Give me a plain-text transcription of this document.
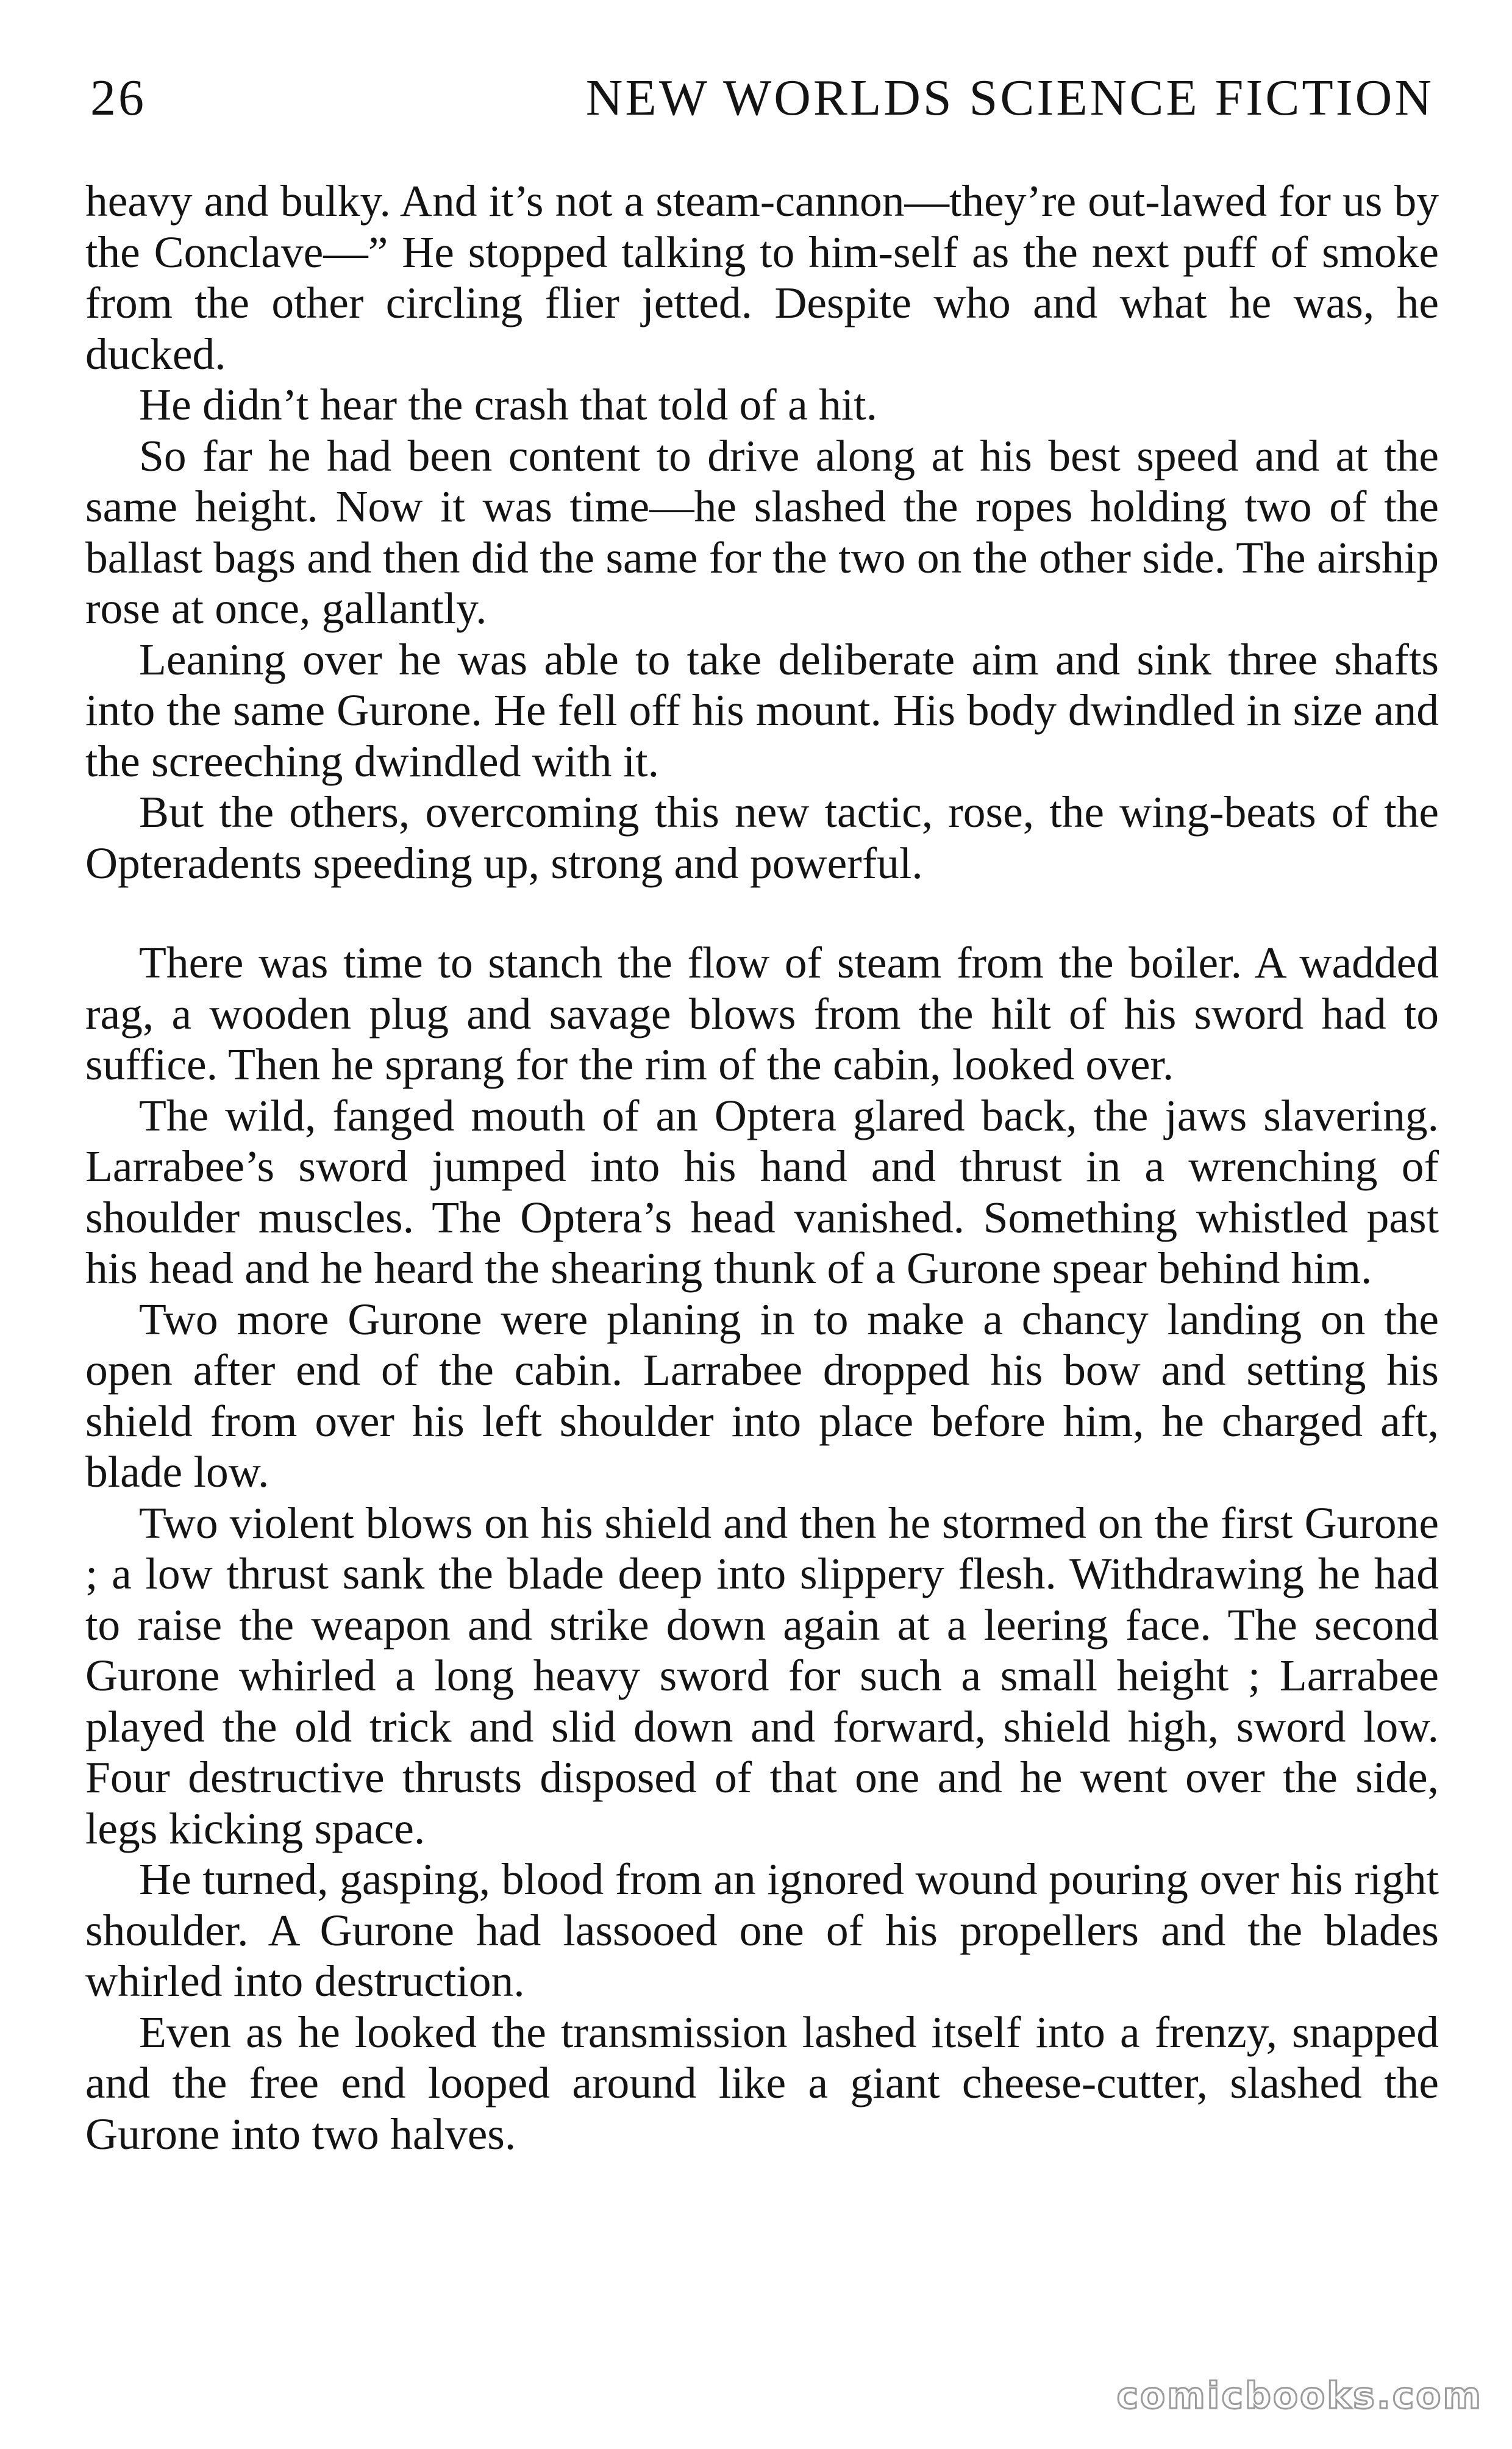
26	NEW WORLDS SCIENCE FICTION

heavy and bulky. And it’s not a steam-cannon—they’re out-lawed for us by the Conclave—” He stopped talking to him-self as the next puff of smoke from the other circling flier jetted. Despite who and what he was, he ducked.

He didn’t hear the crash that told of a hit.

So far he had been content to drive along at his best speed and at the same height. Now it was time—he slashed the ropes holding two of the ballast bags and then did the same for the two on the other side. The airship rose at once, gallantly.

Leaning over he was able to take deliberate aim and sink three shafts into the same Gurone. He fell off his mount. His body dwindled in size and the screeching dwindled with it.

But the others, overcoming this new tactic, rose, the wing-beats of the Opteradents speeding up, strong and powerful.

There was time to stanch the flow of steam from the boiler. A wadded rag, a wooden plug and savage blows from the hilt of his sword had to suffice. Then he sprang for the rim of the cabin, looked over.

The wild, fanged mouth of an Optera glared back, the jaws slavering. Larrabee’s sword jumped into his hand and thrust in a wrenching of shoulder muscles. The Optera’s head vanished. Something whistled past his head and he heard the shearing thunk of a Gurone spear behind him.

Two more Gurone were planing in to make a chancy landing on the open after end of the cabin. Larrabee dropped his bow and setting his shield from over his left shoulder into place before him, he charged aft, blade low.

Two violent blows on his shield and then he stormed on the first Gurone ; a low thrust sank the blade deep into slippery flesh. Withdrawing he had to raise the weapon and strike down again at a leering face. The second Gurone whirled a long heavy sword for such a small height ; Larrabee played the old trick and slid down and forward, shield high, sword low. Four destructive thrusts disposed of that one and he went over the side, legs kicking space.

He turned, gasping, blood from an ignored wound pouring over his right shoulder. A Gurone had lassooed one of his propellers and the blades whirled into destruction.

Even as he looked the transmission lashed itself into a frenzy, snapped and the free end looped around like a giant cheese-cutter, slashed the Gurone into two halves.

comicbooks.com
